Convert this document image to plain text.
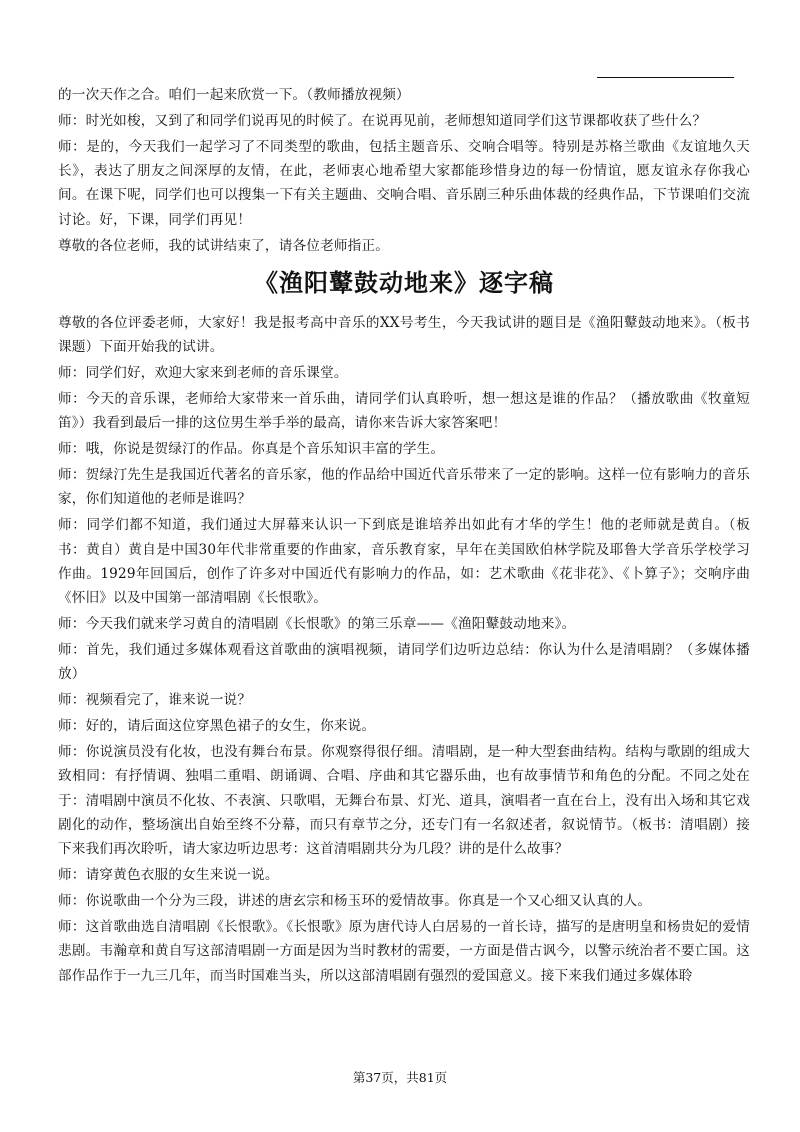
的一次天作之合。咱们一起来欣赏一下。（教师播放视频）

师：时光如梭，又到了和同学们说再见的时候了。在说再见前，老师想知道同学们这节课都收获了些什么？

师：是的，今天我们一起学习了不同类型的歌曲，包括主题音乐、交响合唱等。特别是苏格兰歌曲《友谊地久天长》，表达了朋友之间深厚的友情，在此，老师衷心地希望大家都能珍惜身边的每一份情谊，愿友谊永存你我心间。在课下呢，同学们也可以搜集一下有关主题曲、交响合唱、音乐剧三种乐曲体裁的经典作品，下节课咱们交流讨论。好，下课，同学们再见！

尊敬的各位老师，我的试讲结束了，请各位老师指正。

《渔阳鼙鼓动地来》逐字稿

尊敬的各位评委老师，大家好！我是报考高中音乐的XX号考生，今天我试讲的题目是《渔阳鼙鼓动地来》。（板书课题）下面开始我的试讲。

师：同学们好，欢迎大家来到老师的音乐课堂。

师：今天的音乐课，老师给大家带来一首乐曲，请同学们认真聆听，想一想这是谁的作品？（播放歌曲《牧童短笛》）我看到最后一排的这位男生举手举的最高，请你来告诉大家答案吧！

师：哦，你说是贺绿汀的作品。你真是个音乐知识丰富的学生。

师：贺绿汀先生是我国近代著名的音乐家，他的作品给中国近代音乐带来了一定的影响。这样一位有影响力的音乐家，你们知道他的老师是谁吗？

师：同学们都不知道，我们通过大屏幕来认识一下到底是谁培养出如此有才华的学生！他的老师就是黄自。（板书：黄自）黄自是中国30年代非常重要的作曲家，音乐教育家，早年在美国欧伯林学院及耶鲁大学音乐学校学习作曲。1929年回国后，创作了许多对中国近代有影响力的作品，如：艺术歌曲《花非花》、《卜算子》；交响序曲《怀旧》以及中国第一部清唱剧《长恨歌》。

师：今天我们就来学习黄自的清唱剧《长恨歌》的第三乐章——《渔阳鼙鼓动地来》。

师：首先，我们通过多媒体观看这首歌曲的演唱视频，请同学们边听边总结：你认为什么是清唱剧？（多媒体播放）

师：视频看完了，谁来说一说？

师：好的，请后面这位穿黑色裙子的女生，你来说。

师：你说演员没有化妆，也没有舞台布景。你观察得很仔细。清唱剧，是一种大型套曲结构。结构与歌剧的组成大致相同：有抒情调、独唱二重唱、朗诵调、合唱、序曲和其它器乐曲，也有故事情节和角色的分配。不同之处在于：清唱剧中演员不化妆、不表演、只歌唱，无舞台布景、灯光、道具，演唱者一直在台上，没有出入场和其它戏剧化的动作，整场演出自始至终不分幕，而只有章节之分，还专门有一名叙述者，叙说情节。（板书：清唱剧）接下来我们再次聆听，请大家边听边思考：这首清唱剧共分为几段？讲的是什么故事？

师：请穿黄色衣服的女生来说一说。

师：你说歌曲一个分为三段，讲述的唐玄宗和杨玉环的爱情故事。你真是一个又心细又认真的人。

师：这首歌曲选自清唱剧《长恨歌》。《长恨歌》原为唐代诗人白居易的一首长诗，描写的是唐明皇和杨贵妃的爱情悲剧。韦瀚章和黄自写这部清唱剧一方面是因为当时教材的需要，一方面是借古讽今，以警示统治者不要亡国。这部作品作于一九三几年，而当时国难当头，所以这部清唱剧有强烈的爱国意义。接下来我们通过多媒体聆

第37页，共81页
